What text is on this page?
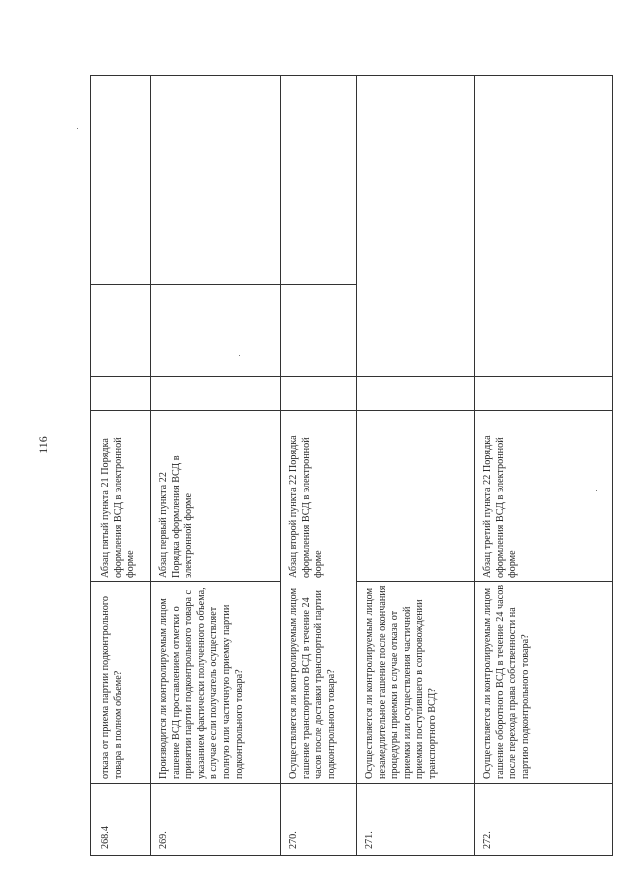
116
268.4
отказа от приема партии подконтрольного товара в полном объеме?
Абзац пятый пункта 21 Порядка оформления ВСД в электронной форме
269.
Производится ли контролируемым лицом гашение ВСД проставлением отметки о принятии партии подконтрольного товара с указанием фактически полученного объема, в случае если получатель осуществляет полную или частичную приемку партии подконтрольного товара?
Абзац первый пункта 22 Порядка оформления ВСД в электронной форме
270.
Осуществляется ли контролируемым лицом гашение транспортного ВСД в течение 24 часов после доставки транспортной партии подконтрольного товара?
Абзац второй пункта 22 Порядка оформления ВСД в электронной форме
271.
Осуществляется ли контролируемым лицом незамедлительное гашение после окончания процедуры приемки в случае отказа от приемки или осуществления частичной приемки поступившего в сопровождении транспортного ВСД?
272.
Осуществляется ли контролируемым лицом гашение оборотного ВСД в течение 24 часов после перехода права собственности на партию подконтрольного товара?
Абзац третий пункта 22 Порядка оформления ВСД в электронной форме
